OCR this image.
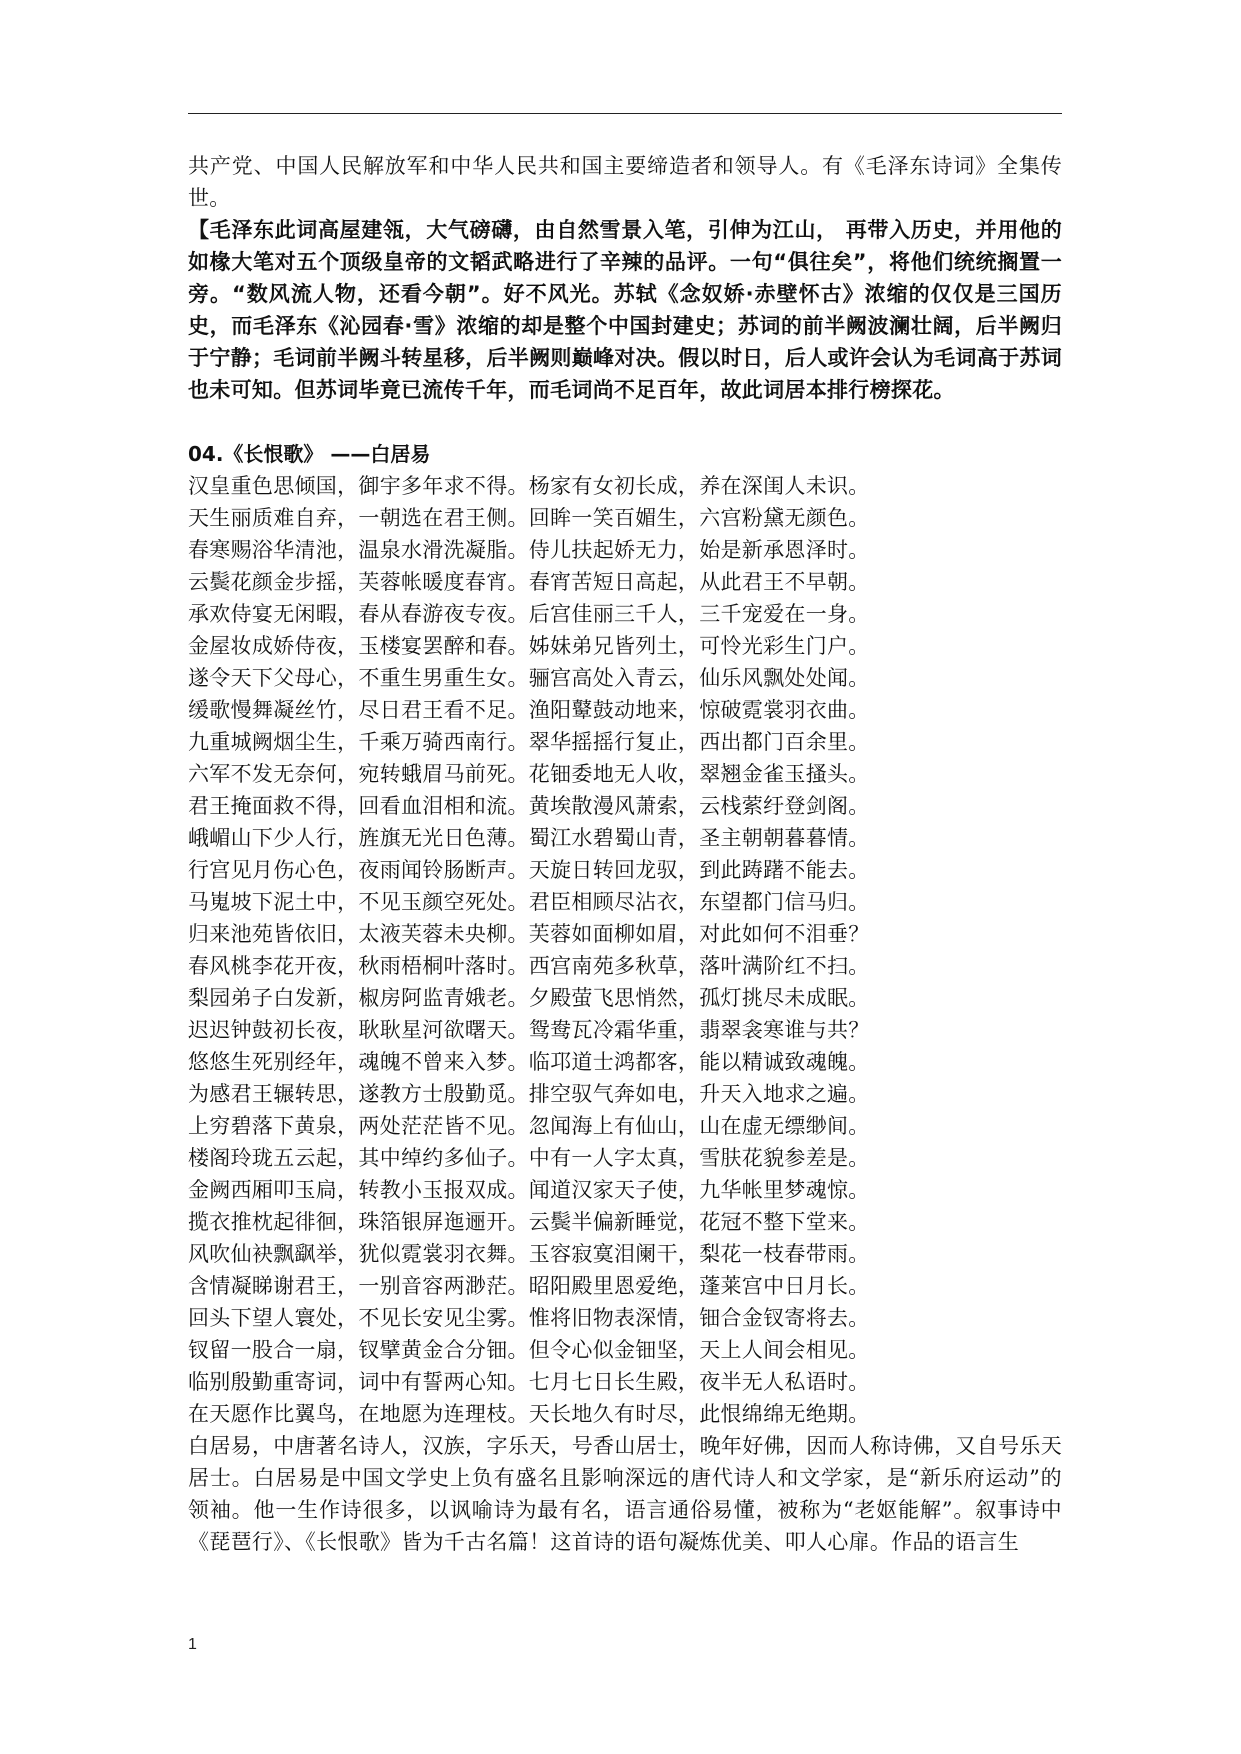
共产党、中国人民解放军和中华人民共和国主要缔造者和领导人。有《毛泽东诗词》全集传世。

【毛泽东此词高屋建瓴，大气磅礴，由自然雪景入笔，引伸为江山， 再带入历史，并用他的如椽大笔对五个顶级皇帝的文韬武略进行了辛辣的品评。一句“俱往矣”，将他们统统搁置一旁。“数风流人物，还看今朝”。好不风光。苏轼《念奴娇·赤壁怀古》浓缩的仅仅是三国历史，而毛泽东《沁园春·雪》浓缩的却是整个中国封建史；苏词的前半阙波澜壮阔，后半阙归于宁静；毛词前半阙斗转星移，后半阙则巅峰对决。假以时日，后人或许会认为毛词高于苏词也未可知。但苏词毕竟已流传千年，而毛词尚不足百年，故此词居本排行榜探花。

04.《长恨歌》 ——白居易

汉皇重色思倾国，御宇多年求不得。杨家有女初长成，养在深闺人未识。

天生丽质难自弃，一朝选在君王侧。回眸一笑百媚生，六宫粉黛无颜色。

春寒赐浴华清池，温泉水滑洗凝脂。侍儿扶起娇无力，始是新承恩泽时。

云鬓花颜金步摇，芙蓉帐暖度春宵。春宵苦短日高起，从此君王不早朝。

承欢侍宴无闲暇，春从春游夜专夜。后宫佳丽三千人，三千宠爱在一身。

金屋妆成娇侍夜，玉楼宴罢醉和春。姊妹弟兄皆列土，可怜光彩生门户。

遂令天下父母心，不重生男重生女。骊宫高处入青云，仙乐风飘处处闻。

缓歌慢舞凝丝竹，尽日君王看不足。渔阳鼙鼓动地来，惊破霓裳羽衣曲。

九重城阙烟尘生，千乘万骑西南行。翠华摇摇行复止，西出都门百余里。

六军不发无奈何，宛转蛾眉马前死。花钿委地无人收，翠翘金雀玉搔头。

君王掩面救不得，回看血泪相和流。黄埃散漫风萧索，云栈萦纡登剑阁。

峨嵋山下少人行，旌旗无光日色薄。蜀江水碧蜀山青，圣主朝朝暮暮情。

行宫见月伤心色，夜雨闻铃肠断声。天旋日转回龙驭，到此踌躇不能去。

马嵬坡下泥土中，不见玉颜空死处。君臣相顾尽沾衣，东望都门信马归。

归来池苑皆依旧，太液芙蓉未央柳。芙蓉如面柳如眉，对此如何不泪垂？

春风桃李花开夜，秋雨梧桐叶落时。西宫南苑多秋草，落叶满阶红不扫。

梨园弟子白发新，椒房阿监青娥老。夕殿萤飞思悄然，孤灯挑尽未成眠。

迟迟钟鼓初长夜，耿耿星河欲曙天。鸳鸯瓦冷霜华重，翡翠衾寒谁与共？

悠悠生死别经年，魂魄不曾来入梦。临邛道士鸿都客，能以精诚致魂魄。

为感君王辗转思，遂教方士殷勤觅。排空驭气奔如电，升天入地求之遍。

上穷碧落下黄泉，两处茫茫皆不见。忽闻海上有仙山，山在虚无缥缈间。

楼阁玲珑五云起，其中绰约多仙子。中有一人字太真，雪肤花貌参差是。

金阙西厢叩玉扃，转教小玉报双成。闻道汉家天子使，九华帐里梦魂惊。

揽衣推枕起徘徊，珠箔银屏迤逦开。云鬓半偏新睡觉，花冠不整下堂来。

风吹仙袂飘飖举，犹似霓裳羽衣舞。玉容寂寞泪阑干，梨花一枝春带雨。

含情凝睇谢君王，一别音容两渺茫。昭阳殿里恩爱绝，蓬莱宫中日月长。

回头下望人寰处，不见长安见尘雾。惟将旧物表深情，钿合金钗寄将去。

钗留一股合一扇，钗擘黄金合分钿。但令心似金钿坚，天上人间会相见。

临别殷勤重寄词，词中有誓两心知。七月七日长生殿，夜半无人私语时。

在天愿作比翼鸟，在地愿为连理枝。天长地久有时尽，此恨绵绵无绝期。

白居易，中唐著名诗人，汉族，字乐天，号香山居士，晚年好佛，因而人称诗佛，又自号乐天居士。白居易是中国文学史上负有盛名且影响深远的唐代诗人和文学家，是“新乐府运动”的领袖。他一生作诗很多，以讽喻诗为最有名，语言通俗易懂，被称为“老妪能解”。叙事诗中《琵琶行》、《长恨歌》皆为千古名篇！这首诗的语句凝炼优美、叩人心扉。作品的语言生

1
